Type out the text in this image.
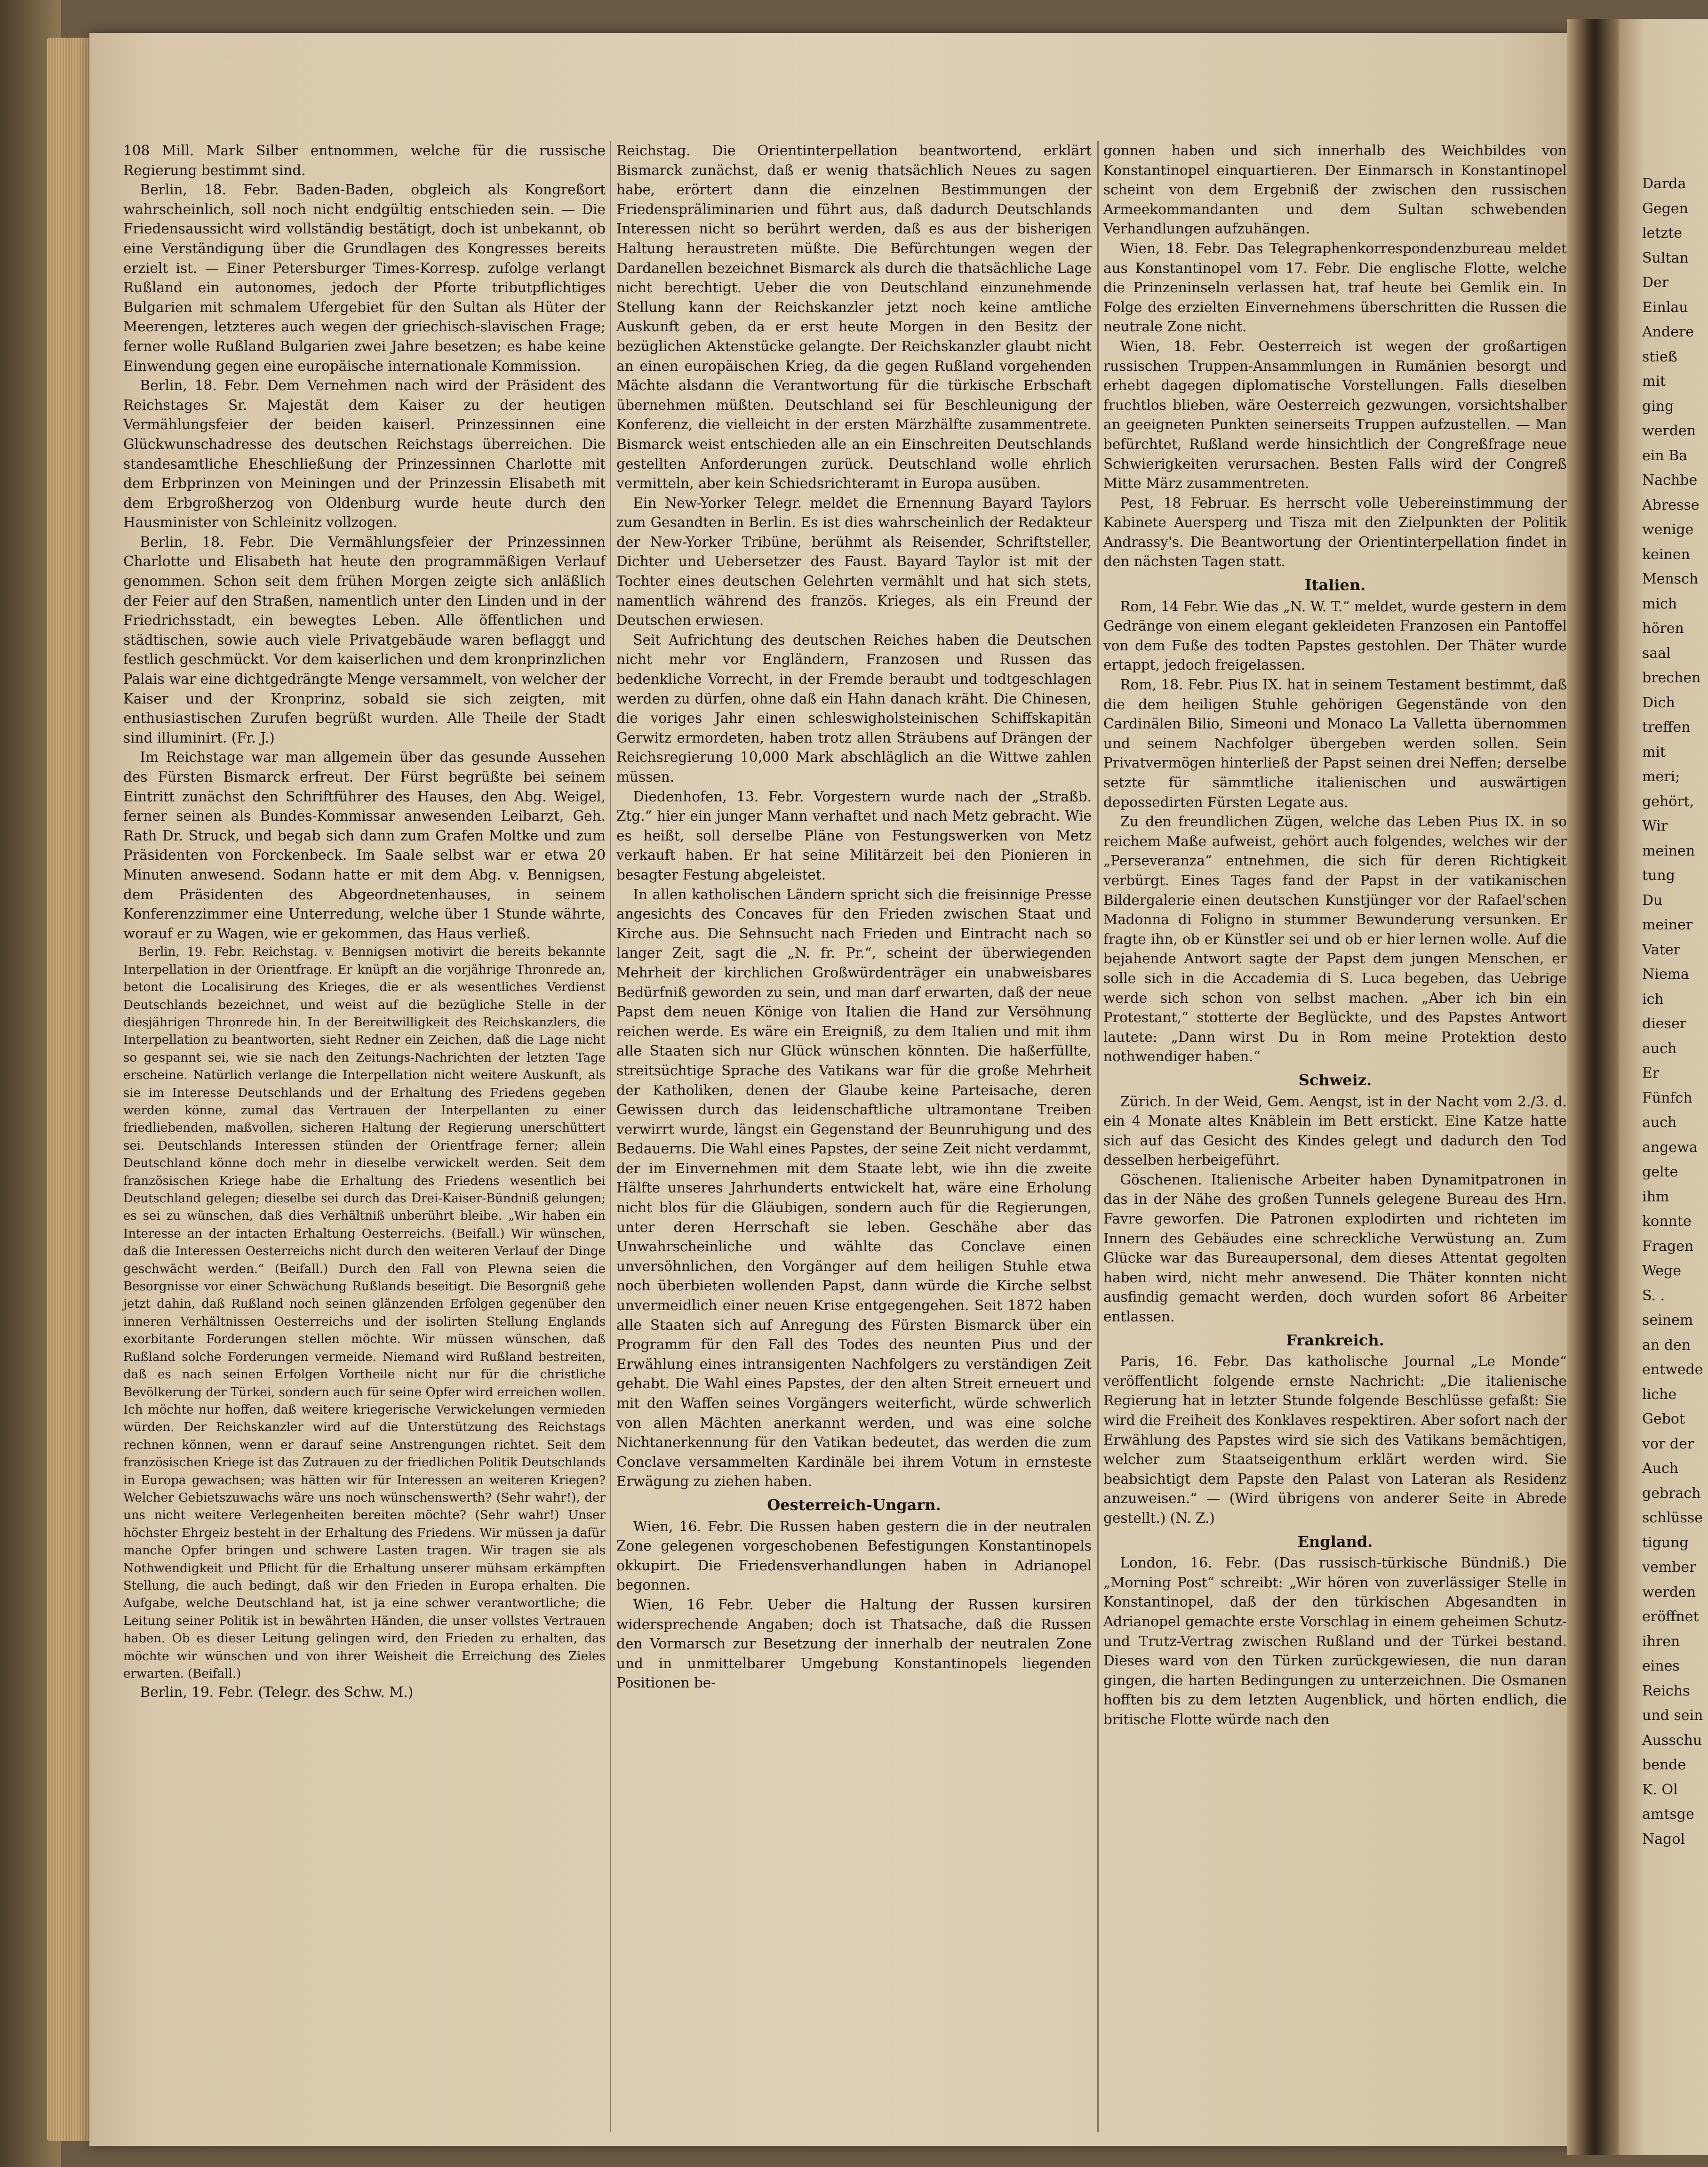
Darda
Gegen
letzte
Sultan
Der
Einlau
Andere
stieß
mit
ging
werden
ein Ba
Nachbe
Abresse
wenige
keinen
Mensch
mich
hören
saal
brechen
Dich
treffen
mit
meri;
gehört,
Wir
meinen
tung
Du
meiner
Vater
Niema
ich
dieser
auch
Er
Fünfch
auch
angewa
gelte
ihm
konnte
Fragen
Wege
S. .
seinem
an den
entwede
liche
Gebot
vor der
Auch
gebrach
schlüsse
tigung
vember
werden
eröffnet
ihren
eines
Reichs
und sein
Ausschu
bende
K. Ol
amtsge
Nagol

108 Mill. Mark Silber entnommen, welche für die russische Regierung bestimmt sind.

Berlin, 18. Febr. Baden-Baden, obgleich als Kongreßort wahrscheinlich, soll noch nicht endgültig entschieden sein. — Die Friedensaussicht wird vollständig bestätigt, doch ist unbekannt, ob eine Verständigung über die Grundlagen des Kongresses bereits erzielt ist. — Einer Petersburger Times-Korresp. zufolge verlangt Rußland ein autonomes, jedoch der Pforte tributpflichtiges Bulgarien mit schmalem Ufergebiet für den Sultan als Hüter der Meerengen, letzteres auch wegen der griechisch-slavischen Frage; ferner wolle Rußland Bulgarien zwei Jahre besetzen; es habe keine Einwendung gegen eine europäische internationale Kommission.

Berlin, 18. Febr. Dem Vernehmen nach wird der Präsident des Reichstages Sr. Majestät dem Kaiser zu der heutigen Vermählungsfeier der beiden kaiserl. Prinzessinnen eine Glückwunschadresse des deutschen Reichstags überreichen. Die standesamtliche Eheschließung der Prinzessinnen Charlotte mit dem Erbprinzen von Meiningen und der Prinzessin Elisabeth mit dem Erbgroßherzog von Oldenburg wurde heute durch den Hausminister von Schleinitz vollzogen.

Berlin, 18. Febr. Die Vermählungsfeier der Prinzessinnen Charlotte und Elisabeth hat heute den programmäßigen Verlauf genommen. Schon seit dem frühen Morgen zeigte sich anläßlich der Feier auf den Straßen, namentlich unter den Linden und in der Friedrichsstadt, ein bewegtes Leben. Alle öffentlichen und städtischen, sowie auch viele Privatgebäude waren beflaggt und festlich geschmückt. Vor dem kaiserlichen und dem kronprinzlichen Palais war eine dichtgedrängte Menge versammelt, von welcher der Kaiser und der Kronprinz, sobald sie sich zeigten, mit enthusiastischen Zurufen begrüßt wurden. Alle Theile der Stadt sind illuminirt. (Fr. J.)

Im Reichstage war man allgemein über das gesunde Aussehen des Fürsten Bismarck erfreut. Der Fürst begrüßte bei seinem Eintritt zunächst den Schriftführer des Hauses, den Abg. Weigel, ferner seinen als Bundes-Kommissar anwesenden Leibarzt, Geh. Rath Dr. Struck, und begab sich dann zum Grafen Moltke und zum Präsidenten von Forckenbeck. Im Saale selbst war er etwa 20 Minuten anwesend. Sodann hatte er mit dem Abg. v. Bennigsen, dem Präsidenten des Abgeordnetenhauses, in seinem Konferenzzimmer eine Unterredung, welche über 1 Stunde währte, worauf er zu Wagen, wie er gekommen, das Haus verließ.

Berlin, 19. Febr. Reichstag. v. Bennigsen motivirt die bereits bekannte Interpellation in der Orientfrage. Er knüpft an die vorjährige Thronrede an, betont die Localisirung des Krieges, die er als wesentliches Verdienst Deutschlands bezeichnet, und weist auf die bezügliche Stelle in der diesjährigen Thronrede hin. In der Bereitwilligkeit des Reichskanzlers, die Interpellation zu beantworten, sieht Redner ein Zeichen, daß die Lage nicht so gespannt sei, wie sie nach den Zeitungs-Nachrichten der letzten Tage erscheine. Natürlich verlange die Interpellation nicht weitere Auskunft, als sie im Interesse Deutschlands und der Erhaltung des Friedens gegeben werden könne, zumal das Vertrauen der Interpellanten zu einer friedliebenden, maßvollen, sicheren Haltung der Regierung unerschüttert sei. Deutschlands Interessen stünden der Orientfrage ferner; allein Deutschland könne doch mehr in dieselbe verwickelt werden. Seit dem französischen Kriege habe die Erhaltung des Friedens wesentlich bei Deutschland gelegen; dieselbe sei durch das Drei-Kaiser-Bündniß gelungen; es sei zu wünschen, daß dies Verhältniß unberührt bleibe. „Wir haben ein Interesse an der intacten Erhaltung Oesterreichs. (Beifall.) Wir wünschen, daß die Interessen Oesterreichs nicht durch den weiteren Verlauf der Dinge geschwächt werden.“ (Beifall.) Durch den Fall von Plewna seien die Besorgnisse vor einer Schwächung Rußlands beseitigt. Die Besorgniß gehe jetzt dahin, daß Rußland noch seinen glänzenden Erfolgen gegenüber den inneren Verhältnissen Oesterreichs und der isolirten Stellung Englands exorbitante Forderungen stellen möchte. Wir müssen wünschen, daß Rußland solche Forderungen vermeide. Niemand wird Rußland bestreiten, daß es nach seinen Erfolgen Vortheile nicht nur für die christliche Bevölkerung der Türkei, sondern auch für seine Opfer wird erreichen wollen. Ich möchte nur hoffen, daß weitere kriegerische Verwickelungen vermieden würden. Der Reichskanzler wird auf die Unterstützung des Reichstags rechnen können, wenn er darauf seine Anstrengungen richtet. Seit dem französischen Kriege ist das Zutrauen zu der friedlichen Politik Deutschlands in Europa gewachsen; was hätten wir für Interessen an weiteren Kriegen? Welcher Gebietszuwachs wäre uns noch wünschenswerth? (Sehr wahr!), der uns nicht weitere Verlegenheiten bereiten möchte? (Sehr wahr!) Unser höchster Ehrgeiz besteht in der Erhaltung des Friedens. Wir müssen ja dafür manche Opfer bringen und schwere Lasten tragen. Wir tragen sie als Nothwendigkeit und Pflicht für die Erhaltung unserer mühsam erkämpften Stellung, die auch bedingt, daß wir den Frieden in Europa erhalten. Die Aufgabe, welche Deutschland hat, ist ja eine schwer verantwortliche; die Leitung seiner Politik ist in bewährten Händen, die unser vollstes Vertrauen haben. Ob es dieser Leitung gelingen wird, den Frieden zu erhalten, das möchte wir wünschen und von ihrer Weisheit die Erreichung des Zieles erwarten. (Beifall.)

Berlin, 19. Febr. (Telegr. des Schw. M.)

Reichstag. Die Orientinterpellation beantwortend, erklärt Bismarck zunächst, daß er wenig thatsächlich Neues zu sagen habe, erörtert dann die einzelnen Bestimmungen der Friedenspräliminarien und führt aus, daß dadurch Deutschlands Interessen nicht so berührt werden, daß es aus der bisherigen Haltung heraustreten müßte. Die Befürchtungen wegen der Dardanellen bezeichnet Bismarck als durch die thatsächliche Lage nicht berechtigt. Ueber die von Deutschland einzunehmende Stellung kann der Reichskanzler jetzt noch keine amtliche Auskunft geben, da er erst heute Morgen in den Besitz der bezüglichen Aktenstücke gelangte. Der Reichskanzler glaubt nicht an einen europäischen Krieg, da die gegen Rußland vorgehenden Mächte alsdann die Verantwortung für die türkische Erbschaft übernehmen müßten. Deutschland sei für Beschleunigung der Konferenz, die vielleicht in der ersten Märzhälfte zusammentrete. Bismarck weist entschieden alle an ein Einschreiten Deutschlands gestellten Anforderungen zurück. Deutschland wolle ehrlich vermitteln, aber kein Schiedsrichteramt in Europa ausüben.

Ein New-Yorker Telegr. meldet die Ernennung Bayard Taylors zum Gesandten in Berlin. Es ist dies wahrscheinlich der Redakteur der New-Yorker Tribüne, berühmt als Reisender, Schriftsteller, Dichter und Uebersetzer des Faust. Bayard Taylor ist mit der Tochter eines deutschen Gelehrten vermählt und hat sich stets, namentlich während des französ. Krieges, als ein Freund der Deutschen erwiesen.

Seit Aufrichtung des deutschen Reiches haben die Deutschen nicht mehr vor Engländern, Franzosen und Russen das bedenkliche Vorrecht, in der Fremde beraubt und todtgeschlagen werden zu dürfen, ohne daß ein Hahn danach kräht. Die Chinesen, die voriges Jahr einen schleswigholsteinischen Schiffskapitän Gerwitz ermordeten, haben trotz allen Sträubens auf Drängen der Reichsregierung 10,000 Mark abschläglich an die Wittwe zahlen müssen.

Diedenhofen, 13. Febr. Vorgestern wurde nach der „Straßb. Ztg.“ hier ein junger Mann verhaftet und nach Metz gebracht. Wie es heißt, soll derselbe Pläne von Festungswerken von Metz verkauft haben. Er hat seine Militärzeit bei den Pionieren in besagter Festung abgeleistet.

In allen katholischen Ländern spricht sich die freisinnige Presse angesichts des Concaves für den Frieden zwischen Staat und Kirche aus. Die Sehnsucht nach Frieden und Eintracht nach so langer Zeit, sagt die „N. fr. Pr.“, scheint der überwiegenden Mehrheit der kirchlichen Großwürdenträger ein unabweisbares Bedürfniß geworden zu sein, und man darf erwarten, daß der neue Papst dem neuen Könige von Italien die Hand zur Versöhnung reichen werde. Es wäre ein Ereigniß, zu dem Italien und mit ihm alle Staaten sich nur Glück wünschen könnten. Die haßerfüllte, streitsüchtige Sprache des Vatikans war für die große Mehrheit der Katholiken, denen der Glaube keine Parteisache, deren Gewissen durch das leidenschaftliche ultramontane Treiben verwirrt wurde, längst ein Gegenstand der Beunruhigung und des Bedauerns. Die Wahl eines Papstes, der seine Zeit nicht verdammt, der im Einvernehmen mit dem Staate lebt, wie ihn die zweite Hälfte unseres Jahrhunderts entwickelt hat, wäre eine Erholung nicht blos für die Gläubigen, sondern auch für die Regierungen, unter deren Herrschaft sie leben. Geschähe aber das Unwahrscheinliche und wählte das Conclave einen unversöhnlichen, den Vorgänger auf dem heiligen Stuhle etwa noch überbieten wollenden Papst, dann würde die Kirche selbst unvermeidlich einer neuen Krise entgegengehen. Seit 1872 haben alle Staaten sich auf Anregung des Fürsten Bismarck über ein Programm für den Fall des Todes des neunten Pius und der Erwählung eines intransigenten Nachfolgers zu verständigen Zeit gehabt. Die Wahl eines Papstes, der den alten Streit erneuert und mit den Waffen seines Vorgängers weiterficht, würde schwerlich von allen Mächten anerkannt werden, und was eine solche Nichtanerkennung für den Vatikan bedeutet, das werden die zum Conclave versammelten Kardinäle bei ihrem Votum in ernsteste Erwägung zu ziehen haben.

Oesterreich-Ungarn.

Wien, 16. Febr. Die Russen haben gestern die in der neutralen Zone gelegenen vorgeschobenen Befestigungen Konstantinopels okkupirt. Die Friedensverhandlungen haben in Adrianopel begonnen.

Wien, 16 Febr. Ueber die Haltung der Russen kursiren widersprechende Angaben; doch ist Thatsache, daß die Russen den Vormarsch zur Besetzung der innerhalb der neutralen Zone und in unmittelbarer Umgebung Konstantinopels liegenden Positionen be-

gonnen haben und sich innerhalb des Weichbildes von Konstantinopel einquartieren. Der Einmarsch in Konstantinopel scheint von dem Ergebniß der zwischen den russischen Armeekommandanten und dem Sultan schwebenden Verhandlungen aufzuhängen.

Wien, 18. Febr. Das Telegraphenkorrespondenzbureau meldet aus Konstantinopel vom 17. Febr. Die englische Flotte, welche die Prinzeninseln verlassen hat, traf heute bei Gemlik ein. In Folge des erzielten Einvernehmens überschritten die Russen die neutrale Zone nicht.

Wien, 18. Febr. Oesterreich ist wegen der großartigen russischen Truppen-Ansammlungen in Rumänien besorgt und erhebt dagegen diplomatische Vorstellungen. Falls dieselben fruchtlos blieben, wäre Oesterreich gezwungen, vorsichtshalber an geeigneten Punkten seinerseits Truppen aufzustellen. — Man befürchtet, Rußland werde hinsichtlich der Congreßfrage neue Schwierigkeiten verursachen. Besten Falls wird der Congreß Mitte März zusammentreten.

Pest, 18 Februar. Es herrscht volle Uebereinstimmung der Kabinete Auersperg und Tisza mit den Zielpunkten der Politik Andrassy's. Die Beantwortung der Orientinterpellation findet in den nächsten Tagen statt.

Italien.

Rom, 14 Febr. Wie das „N. W. T.“ meldet, wurde gestern in dem Gedränge von einem elegant gekleideten Franzosen ein Pantoffel von dem Fuße des todten Papstes gestohlen. Der Thäter wurde ertappt, jedoch freigelassen.

Rom, 18. Febr. Pius IX. hat in seinem Testament bestimmt, daß die dem heiligen Stuhle gehörigen Gegenstände von den Cardinälen Bilio, Simeoni und Monaco La Valletta übernommen und seinem Nachfolger übergeben werden sollen. Sein Privatvermögen hinterließ der Papst seinen drei Neffen; derselbe setzte für sämmtliche italienischen und auswärtigen depossedirten Fürsten Legate aus.

Zu den freundlichen Zügen, welche das Leben Pius IX. in so reichem Maße aufweist, gehört auch folgendes, welches wir der „Perseveranza“ entnehmen, die sich für deren Richtigkeit verbürgt. Eines Tages fand der Papst in der vatikanischen Bildergalerie einen deutschen Kunstjünger vor der Rafael'schen Madonna di Foligno in stummer Bewunderung versunken. Er fragte ihn, ob er Künstler sei und ob er hier lernen wolle. Auf die bejahende Antwort sagte der Papst dem jungen Menschen, er solle sich in die Accademia di S. Luca begeben, das Uebrige werde sich schon von selbst machen. „Aber ich bin ein Protestant,“ stotterte der Beglückte, und des Papstes Antwort lautete: „Dann wirst Du in Rom meine Protektion desto nothwendiger haben.“

Schweiz.

Zürich. In der Weid, Gem. Aengst, ist in der Nacht vom 2./3. d. ein 4 Monate altes Knäblein im Bett erstickt. Eine Katze hatte sich auf das Gesicht des Kindes gelegt und dadurch den Tod desselben herbeigeführt.

Göschenen. Italienische Arbeiter haben Dynamitpatronen in das in der Nähe des großen Tunnels gelegene Bureau des Hrn. Favre geworfen. Die Patronen explodirten und richteten im Innern des Gebäudes eine schreckliche Verwüstung an. Zum Glücke war das Bureaupersonal, dem dieses Attentat gegolten haben wird, nicht mehr anwesend. Die Thäter konnten nicht ausfindig gemacht werden, doch wurden sofort 86 Arbeiter entlassen.

Frankreich.

Paris, 16. Febr. Das katholische Journal „Le Monde“ veröffentlicht folgende ernste Nachricht: „Die italienische Regierung hat in letzter Stunde folgende Beschlüsse gefaßt: Sie wird die Freiheit des Konklaves respektiren. Aber sofort nach der Erwählung des Papstes wird sie sich des Vatikans bemächtigen, welcher zum Staatseigenthum erklärt werden wird. Sie beabsichtigt dem Papste den Palast von Lateran als Residenz anzuweisen.“ — (Wird übrigens von anderer Seite in Abrede gestellt.) (N. Z.)

England.

London, 16. Febr. (Das russisch-türkische Bündniß.) Die „Morning Post“ schreibt: „Wir hören von zuverlässiger Stelle in Konstantinopel, daß der den türkischen Abgesandten in Adrianopel gemachte erste Vorschlag in einem geheimen Schutz- und Trutz-Vertrag zwischen Rußland und der Türkei bestand. Dieses ward von den Türken zurückgewiesen, die nun daran gingen, die harten Bedingungen zu unterzeichnen. Die Osmanen hofften bis zu dem letzten Augenblick, und hörten endlich, die britische Flotte würde nach den
